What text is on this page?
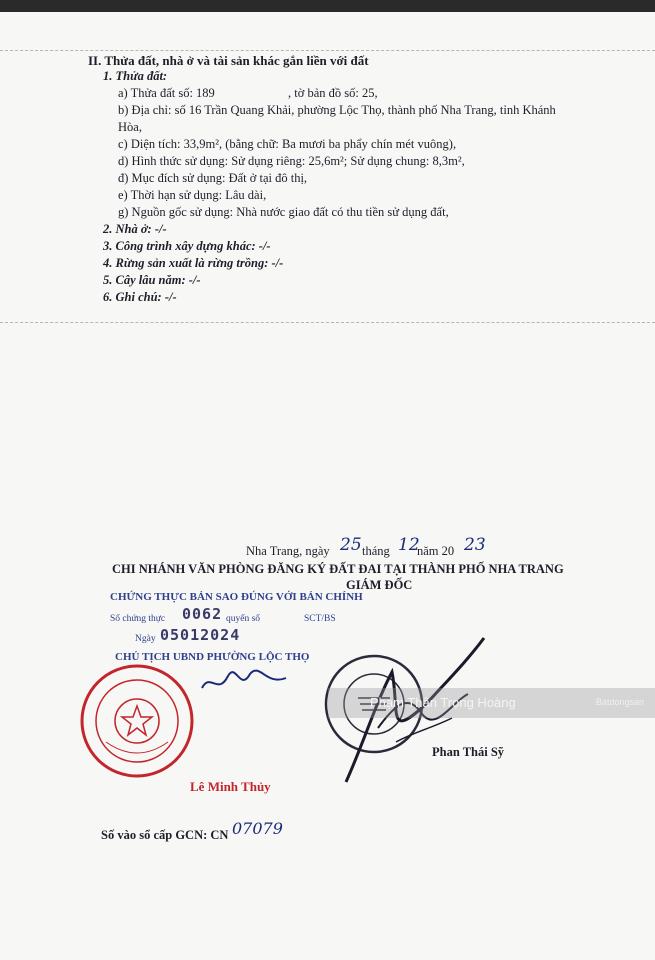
II. Thửa đất, nhà ở và tài sản khác gắn liền với đất
1. Thửa đất:
a) Thửa đất số: 189	, tờ bản đồ số: 25,
b) Địa chỉ: số 16 Trần Quang Khải, phường Lộc Thọ, thành phố Nha Trang, tỉnh Khánh
Hòa,
c) Diện tích: 33,9m², (bằng chữ: Ba mươi ba phẩy chín mét vuông),
d) Hình thức sử dụng: Sử dụng riêng: 25,6m²; Sử dụng chung: 8,3m²,
đ) Mục đích sử dụng: Đất ở tại đô thị,
e) Thời hạn sử dụng: Lâu dài,
g) Nguồn gốc sử dụng: Nhà nước giao đất có thu tiền sử dụng đất,
2. Nhà ở: -/-
3. Công trình xây dựng khác: -/-
4. Rừng sản xuất là rừng trồng: -/-
5. Cây lâu năm: -/-
6. Ghi chú: -/-
Nha Trang, ngày 25 tháng 12
năm 20 23
CHI NHÁNH VĂN PHÒNG ĐĂNG KÝ ĐẤT ĐAI TẠI THÀNH PHỐ NHA TRANG
GIÁM ĐỐC
CHỨNG THỰC BẢN SAO ĐÚNG VỚI BẢN CHÍNH
Số chứng thực 0062 quyển số	SCT/BS
Ngày 05012024
CHỦ TỊCH UBND PHƯỜNG LỘC THỌ
Phạm Thân Trọng Hoàng	Batdongsan
Phan Thái Sỹ
Lê Minh Thủy
Số vào sổ cấp GCN: CN 07079
